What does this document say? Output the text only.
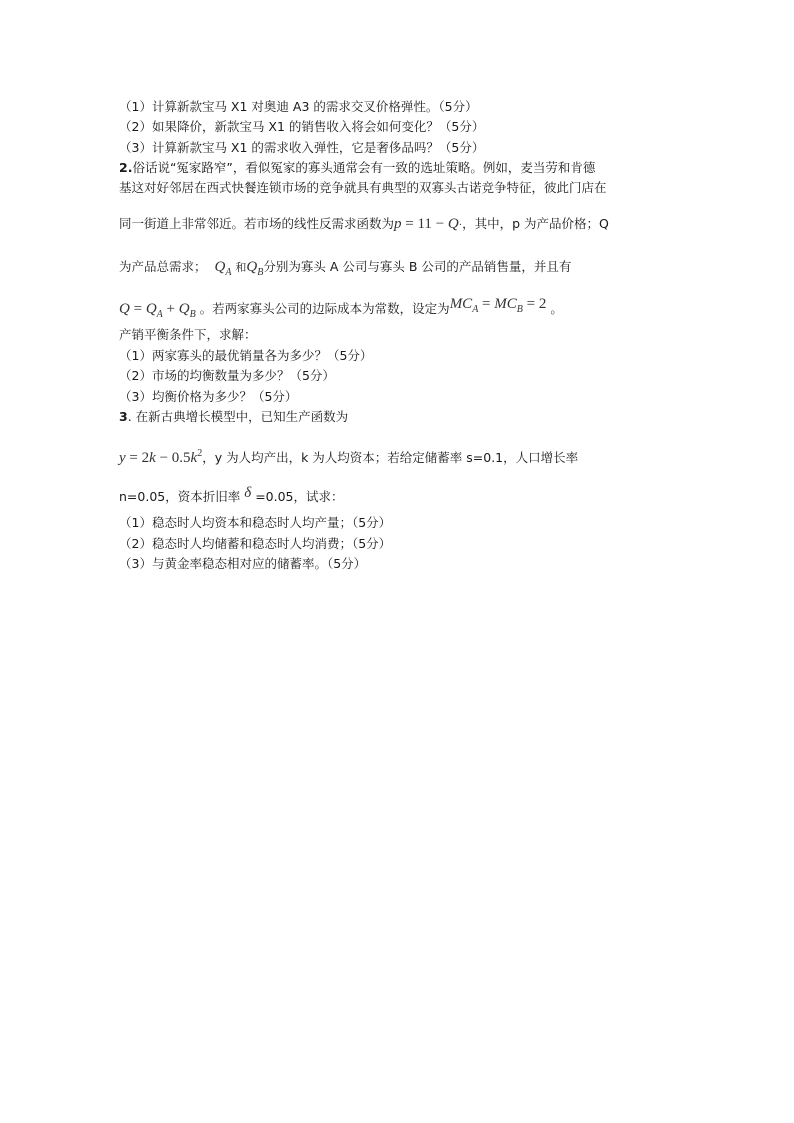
（1）计算新款宝马 X1 对奥迪 A3 的需求交叉价格弹性。（5分）
（2）如果降价，新款宝马 X1 的销售收入将会如何变化？（5分）
（3）计算新款宝马 X1 的需求收入弹性，它是奢侈品吗？（5分）
2.俗话说“冤家路窄”，看似冤家的寡头通常会有一致的选址策略。例如，麦当劳和肯德
基这对好邻居在西式快餐连锁市场的竞争就具有典型的双寡头古诺竞争特征，彼此门店在
同一街道上非常邻近。若市场的线性反需求函数为p = 11 − Q·，其中，p 为产品价格；Q
为产品总需求； $Q_A$ 和$Q_B$分别为寡头 A 公司与寡头 B 公司的产品销售量，并且有
$Q = Q_A + Q_B$ 。若两家寡头公司的边际成本为常数，设定为$MC_A = MC_B = 2$ 。
产销平衡条件下，求解：
（1）两家寡头的最优销量各为多少？（5分）
（2）市场的均衡数量为多少？（5分）
（3）均衡价格为多少？（5分）
3. 在新古典增长模型中，已知生产函数为
$y = 2k - 0.5k^2$，y 为人均产出，k 为人均资本；若给定储蓄率 s=0.1，人口增长率
n=0.05，资本折旧率 δ =0.05，试求：
（1）稳态时人均资本和稳态时人均产量；（5分）
（2）稳态时人均储蓄和稳态时人均消费；（5分）
（3）与黄金率稳态相对应的储蓄率。（5分）
